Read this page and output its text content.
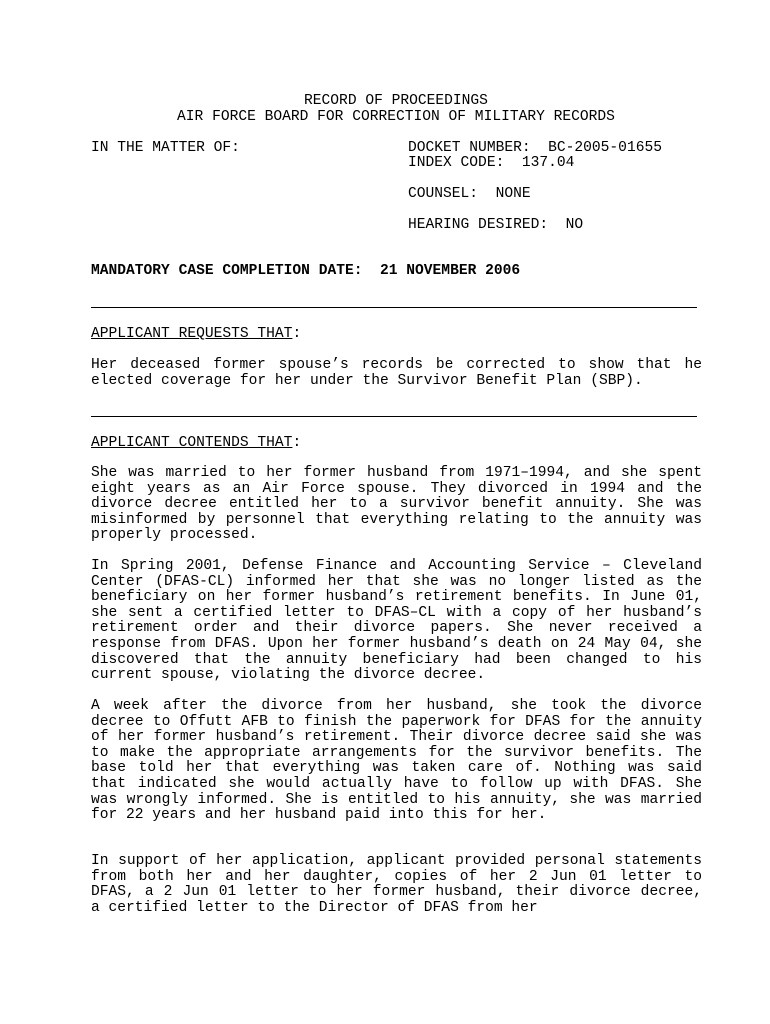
RECORD OF PROCEEDINGS
AIR FORCE BOARD FOR CORRECTION OF MILITARY RECORDS
IN THE MATTER OF:	DOCKET NUMBER:  BC-2005-01655
INDEX CODE:  137.04
COUNSEL:  NONE
HEARING DESIRED:  NO
MANDATORY CASE COMPLETION DATE:  21 NOVEMBER 2006
APPLICANT REQUESTS THAT:
Her deceased former spouse’s records be corrected to show that he elected coverage for her under the Survivor Benefit Plan (SBP).
APPLICANT CONTENDS THAT:
She was married to her former husband from 1971–1994, and she spent eight years as an Air Force spouse. They divorced in 1994 and the divorce decree entitled her to a survivor benefit annuity. She was misinformed by personnel that everything relating to the annuity was properly processed.
In Spring 2001, Defense Finance and Accounting Service – Cleveland Center (DFAS-CL) informed her that she was no longer listed as the beneficiary on her former husband’s retirement benefits. In June 01, she sent a certified letter to DFAS–CL with a copy of her husband’s retirement order and their divorce papers. She never received a response from DFAS. Upon her former husband’s death on 24 May 04, she discovered that the annuity beneficiary had been changed to his current spouse, violating the divorce decree.
A week after the divorce from her husband, she took the divorce decree to Offutt AFB to finish the paperwork for DFAS for the annuity of her former husband’s retirement. Their divorce decree said she was to make the appropriate arrangements for the survivor benefits. The base told her that everything was taken care of. Nothing was said that indicated she would actually have to follow up with DFAS. She was wrongly informed. She is entitled to his annuity, she was married for 22 years and her husband paid into this for her.
In support of her application, applicant provided personal statements from both her and her daughter, copies of her 2 Jun 01 letter to DFAS, a 2 Jun 01 letter to her former husband, their divorce decree, a certified letter to the Director of DFAS from her
